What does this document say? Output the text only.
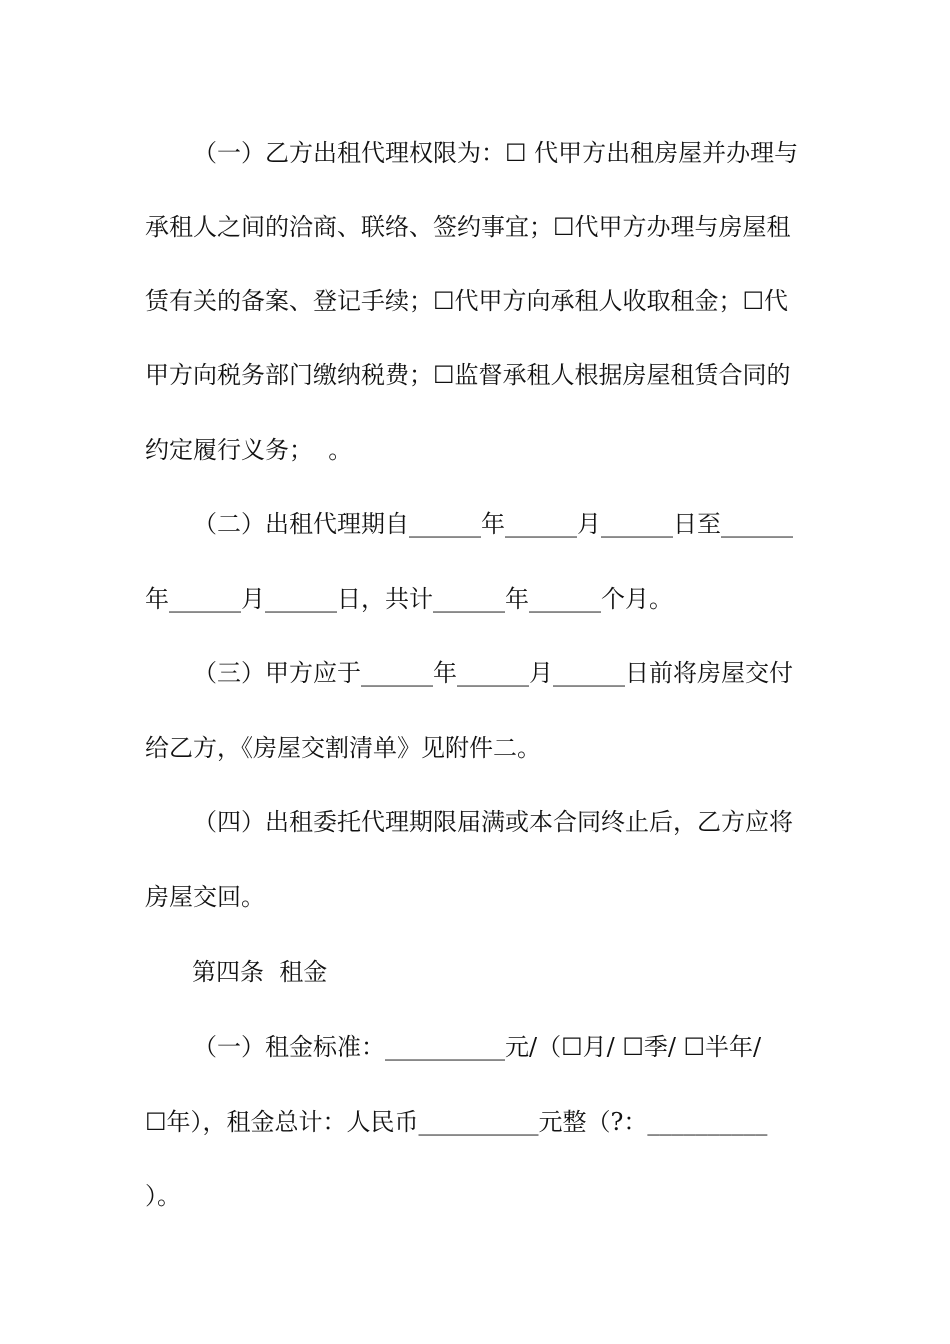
（一）乙方出租代理权限为：☐ 代甲方出租房屋并办理与
承租人之间的洽商、联络、签约事宜；☐代甲方办理与房屋租
赁有关的备案、登记手续；☐代甲方向承租人收取租金；☐代
甲方向税务部门缴纳税费；☐监督承租人根据房屋租赁合同的
约定履行义务；  。
（二）出租代理期自______年______月______日至______
年______月______日，共计______年______个月。
（三）甲方应于______年______月______日前将房屋交付
给乙方，《房屋交割清单》见附件二。
（四）出租委托代理期限届满或本合同终止后，乙方应将
房屋交回。
第四条  租金
（一）租金标准：__________元/（☐月/ ☐季/ ☐半年/
☐年），租金总计：人民币__________元整（?：__________
）。
